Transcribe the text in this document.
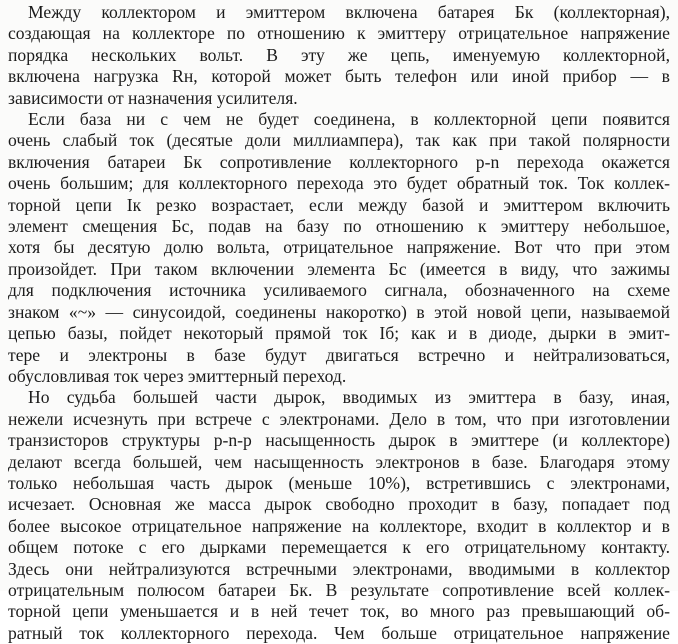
Между коллектором и эмиттером включена батарея Бк (коллекторная),
создающая на коллекторе по отношению к эмиттеру отрицательное напряжение
порядка нескольких вольт. В эту же цепь, именуемую коллекторной,
включена нагрузка Rн, которой может быть телефон или иной прибор — в
зависимости от назначения усилителя.

Если база ни с чем не будет соединена, в коллекторной цепи появится
очень слабый ток (десятые доли миллиампера), так как при такой полярности
включения батареи Бк сопротивление коллекторного p-n перехода окажется
очень большим; для коллекторного перехода это будет обратный ток. Ток коллек-
торной цепи Iк резко возрастает, если между базой и эмиттером включить
элемент смещения Бс, подав на базу по отношению к эмиттеру небольшое,
хотя бы десятую долю вольта, отрицательное напряжение. Вот что при этом
произойдет. При таком включении элемента Бс (имеется в виду, что зажимы
для подключения источника усиливаемого сигнала, обозначенного на схеме
знаком «~» — синусоидой, соединены накоротко) в этой новой цепи, называемой
цепью базы, пойдет некоторый прямой ток Iб; как и в диоде, дырки в эмит-
тере и электроны в базе будут двигаться встречно и нейтрализоваться,
обусловливая ток через эмиттерный переход.

Но судьба большей части дырок, вводимых из эмиттера в базу, иная,
нежели исчезнуть при встрече с электронами. Дело в том, что при изготовлении
транзисторов структуры p-n-p насыщенность дырок в эмиттере (и коллекторе)
делают всегда большей, чем насыщенность электронов в базе. Благодаря этому
только небольшая часть дырок (меньше 10%), встретившись с электронами,
исчезает. Основная же масса дырок свободно проходит в базу, попадает под
более высокое отрицательное напряжение на коллекторе, входит в коллектор и в
общем потоке с его дырками перемещается к его отрицательному контакту.
Здесь они нейтрализуются встречными электронами, вводимыми в коллектор
отрицательным полюсом батареи Бк. В результате сопротивление всей коллек-
торной цепи уменьшается и в ней течет ток, во много раз превышающий об-
ратный ток коллекторного перехода. Чем больше отрицательное напряжение
